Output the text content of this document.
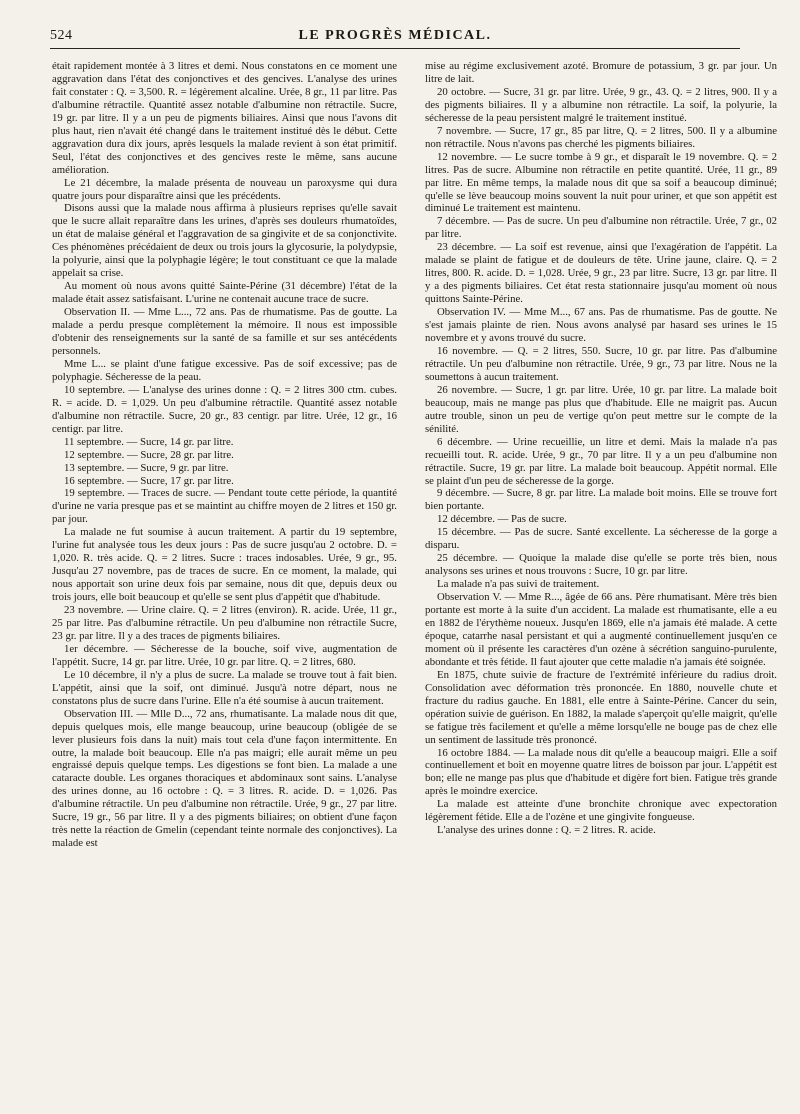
524	LE PROGRÈS MÉDICAL.

était rapidement montée à 3 litres et demi. Nous constatons en ce moment une aggravation dans l'état des conjonctives et des gencives. L'analyse des urines fait constater : Q. = 3,500. R. = légèrement alcaline. Urée, 8 gr., 11 par litre. Pas d'albumine rétractile. Quantité assez notable d'albumine non rétractile. Sucre, 19 gr. par litre. Il y a un peu de pigments biliaires. Ainsi que nous l'avons dit plus haut, rien n'avait été changé dans le traitement institué dès le début. Cette aggravation dura dix jours, après lesquels la malade revient à son état primitif. Seul, l'état des conjonctives et des gencives reste le même, sans aucune amélioration.

Le 21 décembre, la malade présenta de nouveau un paroxysme qui dura quatre jours pour disparaître ainsi que les précédents.

Disons aussi que la malade nous affirma à plusieurs reprises qu'elle savait que le sucre allait reparaître dans les urines, d'après ses douleurs rhumatoïdes, un état de malaise général et l'aggravation de sa gingivite et de sa conjonctivite. Ces phénomènes précédaient de deux ou trois jours la glycosurie, la polydypsie, la polyurie, ainsi que la polyphagie légère; le tout constituant ce que la malade appelait sa crise.

Au moment où nous avons quitté Sainte-Périne (31 décembre) l'état de la malade était assez satisfaisant. L'urine ne contenait aucune trace de sucre.

Observation II. — Mme L..., 72 ans. Pas de rhumatisme. Pas de goutte. La malade a perdu presque complètement la mémoire. Il nous est impossible d'obtenir des renseignements sur la santé de sa famille et sur ses antécédents personnels.

Mme L... se plaint d'une fatigue excessive. Pas de soif excessive; pas de polyphagie. Sécheresse de la peau.

10 septembre. — L'analyse des urines donne : Q. = 2 litres 300 ctm. cubes. R. = acide. D. = 1,029. Un peu d'albumine rétractile. Quantité assez notable d'albumine non rétractile. Sucre, 20 gr., 83 centigr. par litre. Urée, 12 gr., 16 centigr. par litre.

11 septembre. — Sucre, 14 gr. par litre.

12 septembre. — Sucre, 28 gr. par litre.

13 septembre. — Sucre, 9 gr. par litre.

16 septembre. — Sucre, 17 gr. par litre.

19 septembre. — Traces de sucre. — Pendant toute cette période, la quantité d'urine ne varia presque pas et se maintint au chiffre moyen de 2 litres et 150 gr. par jour.

La malade ne fut soumise à aucun traitement. A partir du 19 septembre, l'urine fut analysée tous les deux jours : Pas de sucre jusqu'au 2 octobre. D. = 1,020. R. très acide. Q. = 2 litres. Sucre : traces indosables. Urée, 9 gr., 95. Jusqu'au 27 novembre, pas de traces de sucre. En ce moment, la malade, qui nous apportait son urine deux fois par semaine, nous dit que, depuis deux ou trois jours, elle boit beaucoup et qu'elle se sent plus d'appétit que d'habitude.

23 novembre. — Urine claire. Q. = 2 litres (environ). R. acide. Urée, 11 gr., 25 par litre. Pas d'albumine rétractile. Un peu d'albumine non rétractile Sucre, 23 gr. par litre. Il y a des traces de pigments biliaires.

1er décembre. — Sécheresse de la bouche, soif vive, augmentation de l'appétit. Sucre, 14 gr. par litre. Urée, 10 gr. par litre. Q. = 2 litres, 680.

Le 10 décembre, il n'y a plus de sucre. La malade se trouve tout à fait bien. L'appétit, ainsi que la soif, ont diminué. Jusqu'à notre départ, nous ne constatons plus de sucre dans l'urine. Elle n'a été soumise à aucun traitement.

Observation III. — Mlle D..., 72 ans, rhumatisante. La malade nous dit que, depuis quelques mois, elle mange beaucoup, urine beaucoup (obligée de se lever plusieurs fois dans la nuit) mais tout cela d'une façon intermittente. En outre, la malade boit beaucoup. Elle n'a pas maigri; elle aurait même un peu engraissé depuis quelque temps. Les digestions se font bien. La malade a une cataracte double. Les organes thoraciques et abdominaux sont sains. L'analyse des urines donne, au 16 octobre : Q. = 3 litres. R. acide. D. = 1,026. Pas d'albumine rétractile. Un peu d'albumine non rétractile. Urée, 9 gr., 27 par litre. Sucre, 19 gr., 56 par litre. Il y a des pigments biliaires; on obtient d'une façon très nette la réaction de Gmelin (cependant teinte normale des conjonctives). La malade est

mise au régime exclusivement azoté. Bromure de potassium, 3 gr. par jour. Un litre de lait.

20 octobre. — Sucre, 31 gr. par litre. Urée, 9 gr., 43. Q. = 2 litres, 900. Il y a des pigments biliaires. Il y a albumine non rétractile. La soif, la polyurie, la sécheresse de la peau persistent malgré le traitement institué.

7 novembre. — Sucre, 17 gr., 85 par litre, Q. = 2 litres, 500. Il y a albumine non rétractile. Nous n'avons pas cherché les pigments biliaires.

12 novembre. — Le sucre tombe à 9 gr., et disparaît le 19 novembre. Q. = 2 litres. Pas de sucre. Albumine non rétractile en petite quantité. Urée, 11 gr., 89 par litre. En même temps, la malade nous dit que sa soif a beaucoup diminué; qu'elle se lève beaucoup moins souvent la nuit pour uriner, et que son appétit est diminué Le traitement est maintenu.

7 décembre. — Pas de sucre. Un peu d'albumine non rétractile. Urée, 7 gr., 02 par litre.

23 décembre. — La soif est revenue, ainsi que l'exagération de l'appétit. La malade se plaint de fatigue et de douleurs de tête. Urine jaune, claire. Q. = 2 litres, 800. R. acide. D. = 1,028. Urée, 9 gr., 23 par litre. Sucre, 13 gr. par litre. Il y a des pigments biliaires. Cet état resta stationnaire jusqu'au moment où nous quittons Sainte-Périne.

Observation IV. — Mme M..., 67 ans. Pas de rhumatisme. Pas de goutte. Ne s'est jamais plainte de rien. Nous avons analysé par hasard ses urines le 15 novembre et y avons trouvé du sucre.

16 novembre. — Q. = 2 litres, 550. Sucre, 10 gr. par litre. Pas d'albumine rétractile. Un peu d'albumine non rétractile. Urée, 9 gr., 73 par litre. Nous ne la soumettons à aucun traitement.

26 novembre. — Sucre, 1 gr. par litre. Urée, 10 gr. par litre. La malade boit beaucoup, mais ne mange pas plus que d'habitude. Elle ne maigrit pas. Aucun autre trouble, sinon un peu de vertige qu'on peut mettre sur le compte de la sénilité.

6 décembre. — Urine recueillie, un litre et demi. Mais la malade n'a pas recueilli tout. R. acide. Urée, 9 gr., 70 par litre. Il y a un peu d'albumine non rétractile. Sucre, 19 gr. par litre. La malade boit beaucoup. Appétit normal. Elle se plaint d'un peu de sécheresse de la gorge.

9 décembre. — Sucre, 8 gr. par litre. La malade boit moins. Elle se trouve fort bien portante.

12 décembre. — Pas de sucre.

15 décembre. — Pas de sucre. Santé excellente. La sécheresse de la gorge a disparu.

25 décembre. — Quoique la malade dise qu'elle se porte très bien, nous analysons ses urines et nous trouvons : Sucre, 10 gr. par litre.

La malade n'a pas suivi de traitement.

Observation V. — Mme R..., âgée de 66 ans. Père rhumatisant. Mère très bien portante est morte à la suite d'un accident. La malade est rhumatisante, elle a eu en 1882 de l'érythème noueux. Jusqu'en 1869, elle n'a jamais été malade. A cette époque, catarrhe nasal persistant et qui a augmenté continuellement jusqu'en ce moment où il présente les caractères d'un ozène à sécrétion sanguino-purulente, abondante et très fétide. Il faut ajouter que cette maladie n'a jamais été soignée.

En 1875, chute suivie de fracture de l'extrémité inférieure du radius droit. Consolidation avec déformation très prononcée. En 1880, nouvelle chute et fracture du radius gauche. En 1881, elle entre à Sainte-Périne. Cancer du sein, opération suivie de guérison. En 1882, la malade s'aperçoit qu'elle maigrit, qu'elle se fatigue très facilement et qu'elle a même lorsqu'elle ne bouge pas de chez elle un sentiment de lassitude très prononcé.

16 octobre 1884. — La malade nous dit qu'elle a beaucoup maigri. Elle a soif continuellement et boit en moyenne quatre litres de boisson par jour. L'appétit est bon; elle ne mange pas plus que d'habitude et digère fort bien. Fatigue très grande après le moindre exercice.

La malade est atteinte d'une bronchite chronique avec expectoration légèrement fétide. Elle a de l'ozène et une gingivite fongueuse.

L'analyse des urines donne : Q. = 2 litres. R. acide.
